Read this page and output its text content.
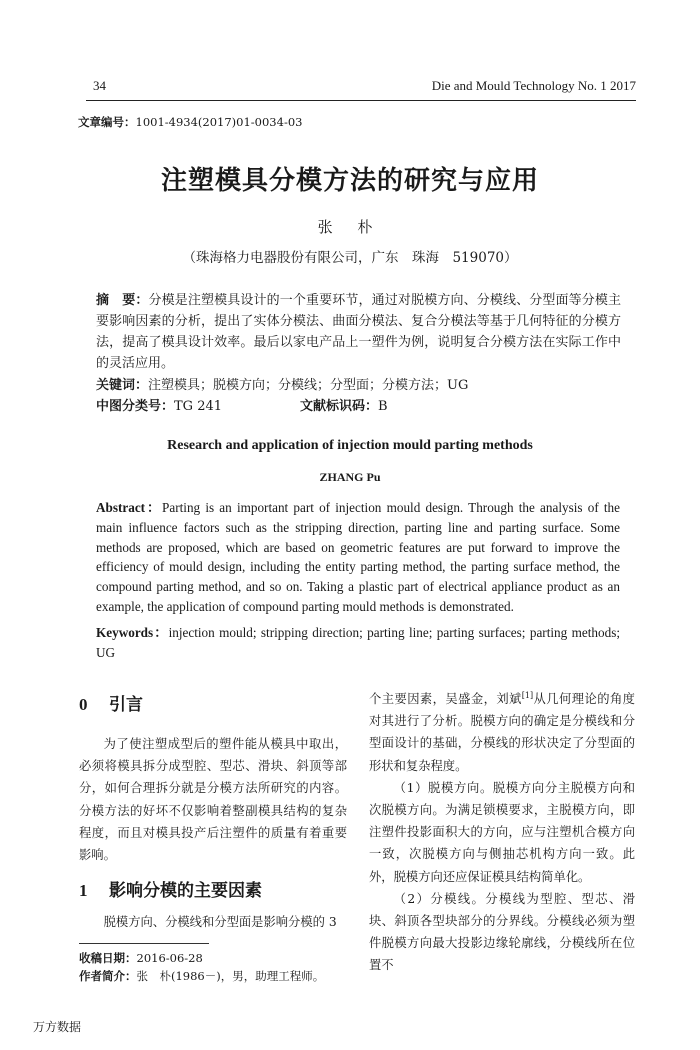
34	Die and Mould Technology No. 1 2017
文章编号：1001-4934(2017)01-0034-03
注塑模具分模方法的研究与应用
张 朴
（珠海格力电器股份有限公司，广东　珠海　519070）
摘　要：分模是注塑模具设计的一个重要环节，通过对脱模方向、分模线、分型面等分模主要影响因素的分析，提出了实体分模法、曲面分模法、复合分模法等基于几何特征的分模方法，提高了模具设计效率。最后以家电产品上一塑件为例，说明复合分模方法在实际工作中的灵活应用。
关键词：注塑模具；脱模方向；分模线；分型面；分模方法；UG
中图分类号：TG 241	文献标识码：B
Research and application of injection mould parting methods
ZHANG Pu
Abstract：Parting is an important part of injection mould design. Through the analysis of the main influence factors such as the stripping direction, parting line and parting surface. Some methods are proposed, which are based on geometric features are put forward to improve the efficiency of mould design, including the entity parting method, the parting surface method, the compound parting method, and so on. Taking a plastic part of electrical appliance product as an example, the application of compound parting mould methods is demonstrated.
Keywords：injection mould; stripping direction; parting line; parting surfaces; parting methods; UG
0 引言

为了使注塑成型后的塑件能从模具中取出，必须将模具拆分成型腔、型芯、滑块、斜顶等部分，如何合理拆分就是分模方法所研究的内容。分模方法的好坏不仅影响着整副模具结构的复杂程度，而且对模具投产后注塑件的质量有着重要影响。

1 影响分模的主要因素

脱模方向、分模线和分型面是影响分模的 3

个主要因素，吴盛金，刘斌[1]从几何理论的角度对其进行了分析。脱模方向的确定是分模线和分型面设计的基础，分模线的形状决定了分型面的形状和复杂程度。

（1）脱模方向。脱模方向分主脱模方向和次脱模方向。为满足锁模要求，主脱模方向，即注塑件投影面积大的方向，应与注塑机合模方向一致，次脱模方向与侧抽芯机构方向一致。此外，脱模方向还应保证模具结构简单化。

（2）分模线。分模线为型腔、型芯、滑块、斜顶各型块部分的分界线。分模线必须为塑件脱模方向最大投影边缘轮廓线，分模线所在位置不

收稿日期：2016-06-28
作者简介：张　朴(1986－)，男，助理工程师。
万方数据
